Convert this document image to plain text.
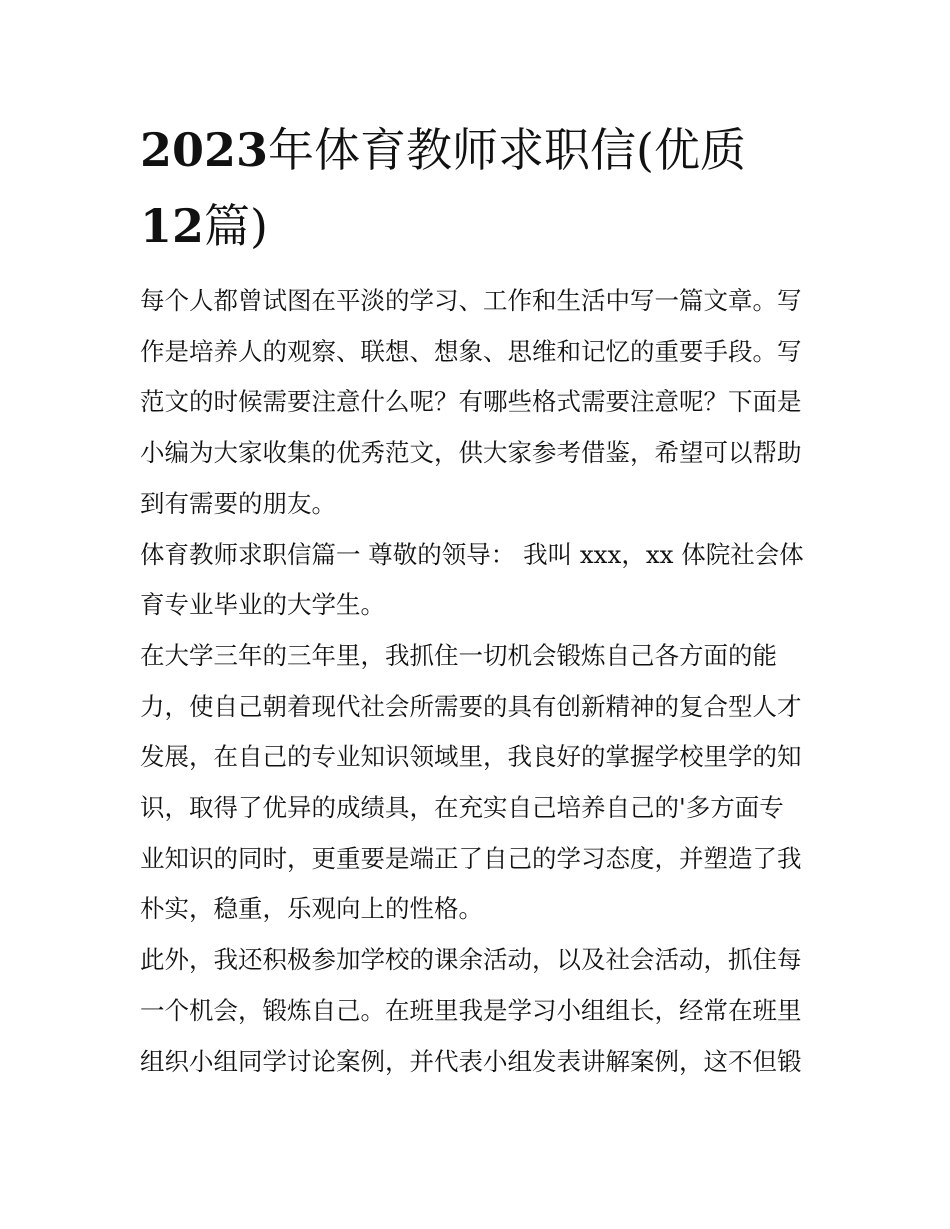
2023年体育教师求职信(优质
12篇)

每个人都曾试图在平淡的学习、工作和生活中写一篇文章。写
作是培养人的观察、联想、想象、思维和记忆的重要手段。写
范文的时候需要注意什么呢？有哪些格式需要注意呢？下面是
小编为大家收集的优秀范文，供大家参考借鉴，希望可以帮助
到有需要的朋友。

体育教师求职信篇一 尊敬的领导： 我叫 xxx，xx 体院社会体
育专业毕业的大学生。

在大学三年的三年里，我抓住一切机会锻炼自己各方面的能
力，使自己朝着现代社会所需要的具有创新精神的复合型人才
发展，在自己的专业知识领域里，我良好的掌握学校里学的知
识，取得了优异的成绩具，在充实自己培养自己的'多方面专
业知识的同时，更重要是端正了自己的学习态度，并塑造了我
朴实，稳重，乐观向上的性格。

此外，我还积极参加学校的课余活动，以及社会活动，抓住每
一个机会，锻炼自己。在班里我是学习小组组长，经常在班里
组织小组同学讨论案例，并代表小组发表讲解案例，这不但锻
